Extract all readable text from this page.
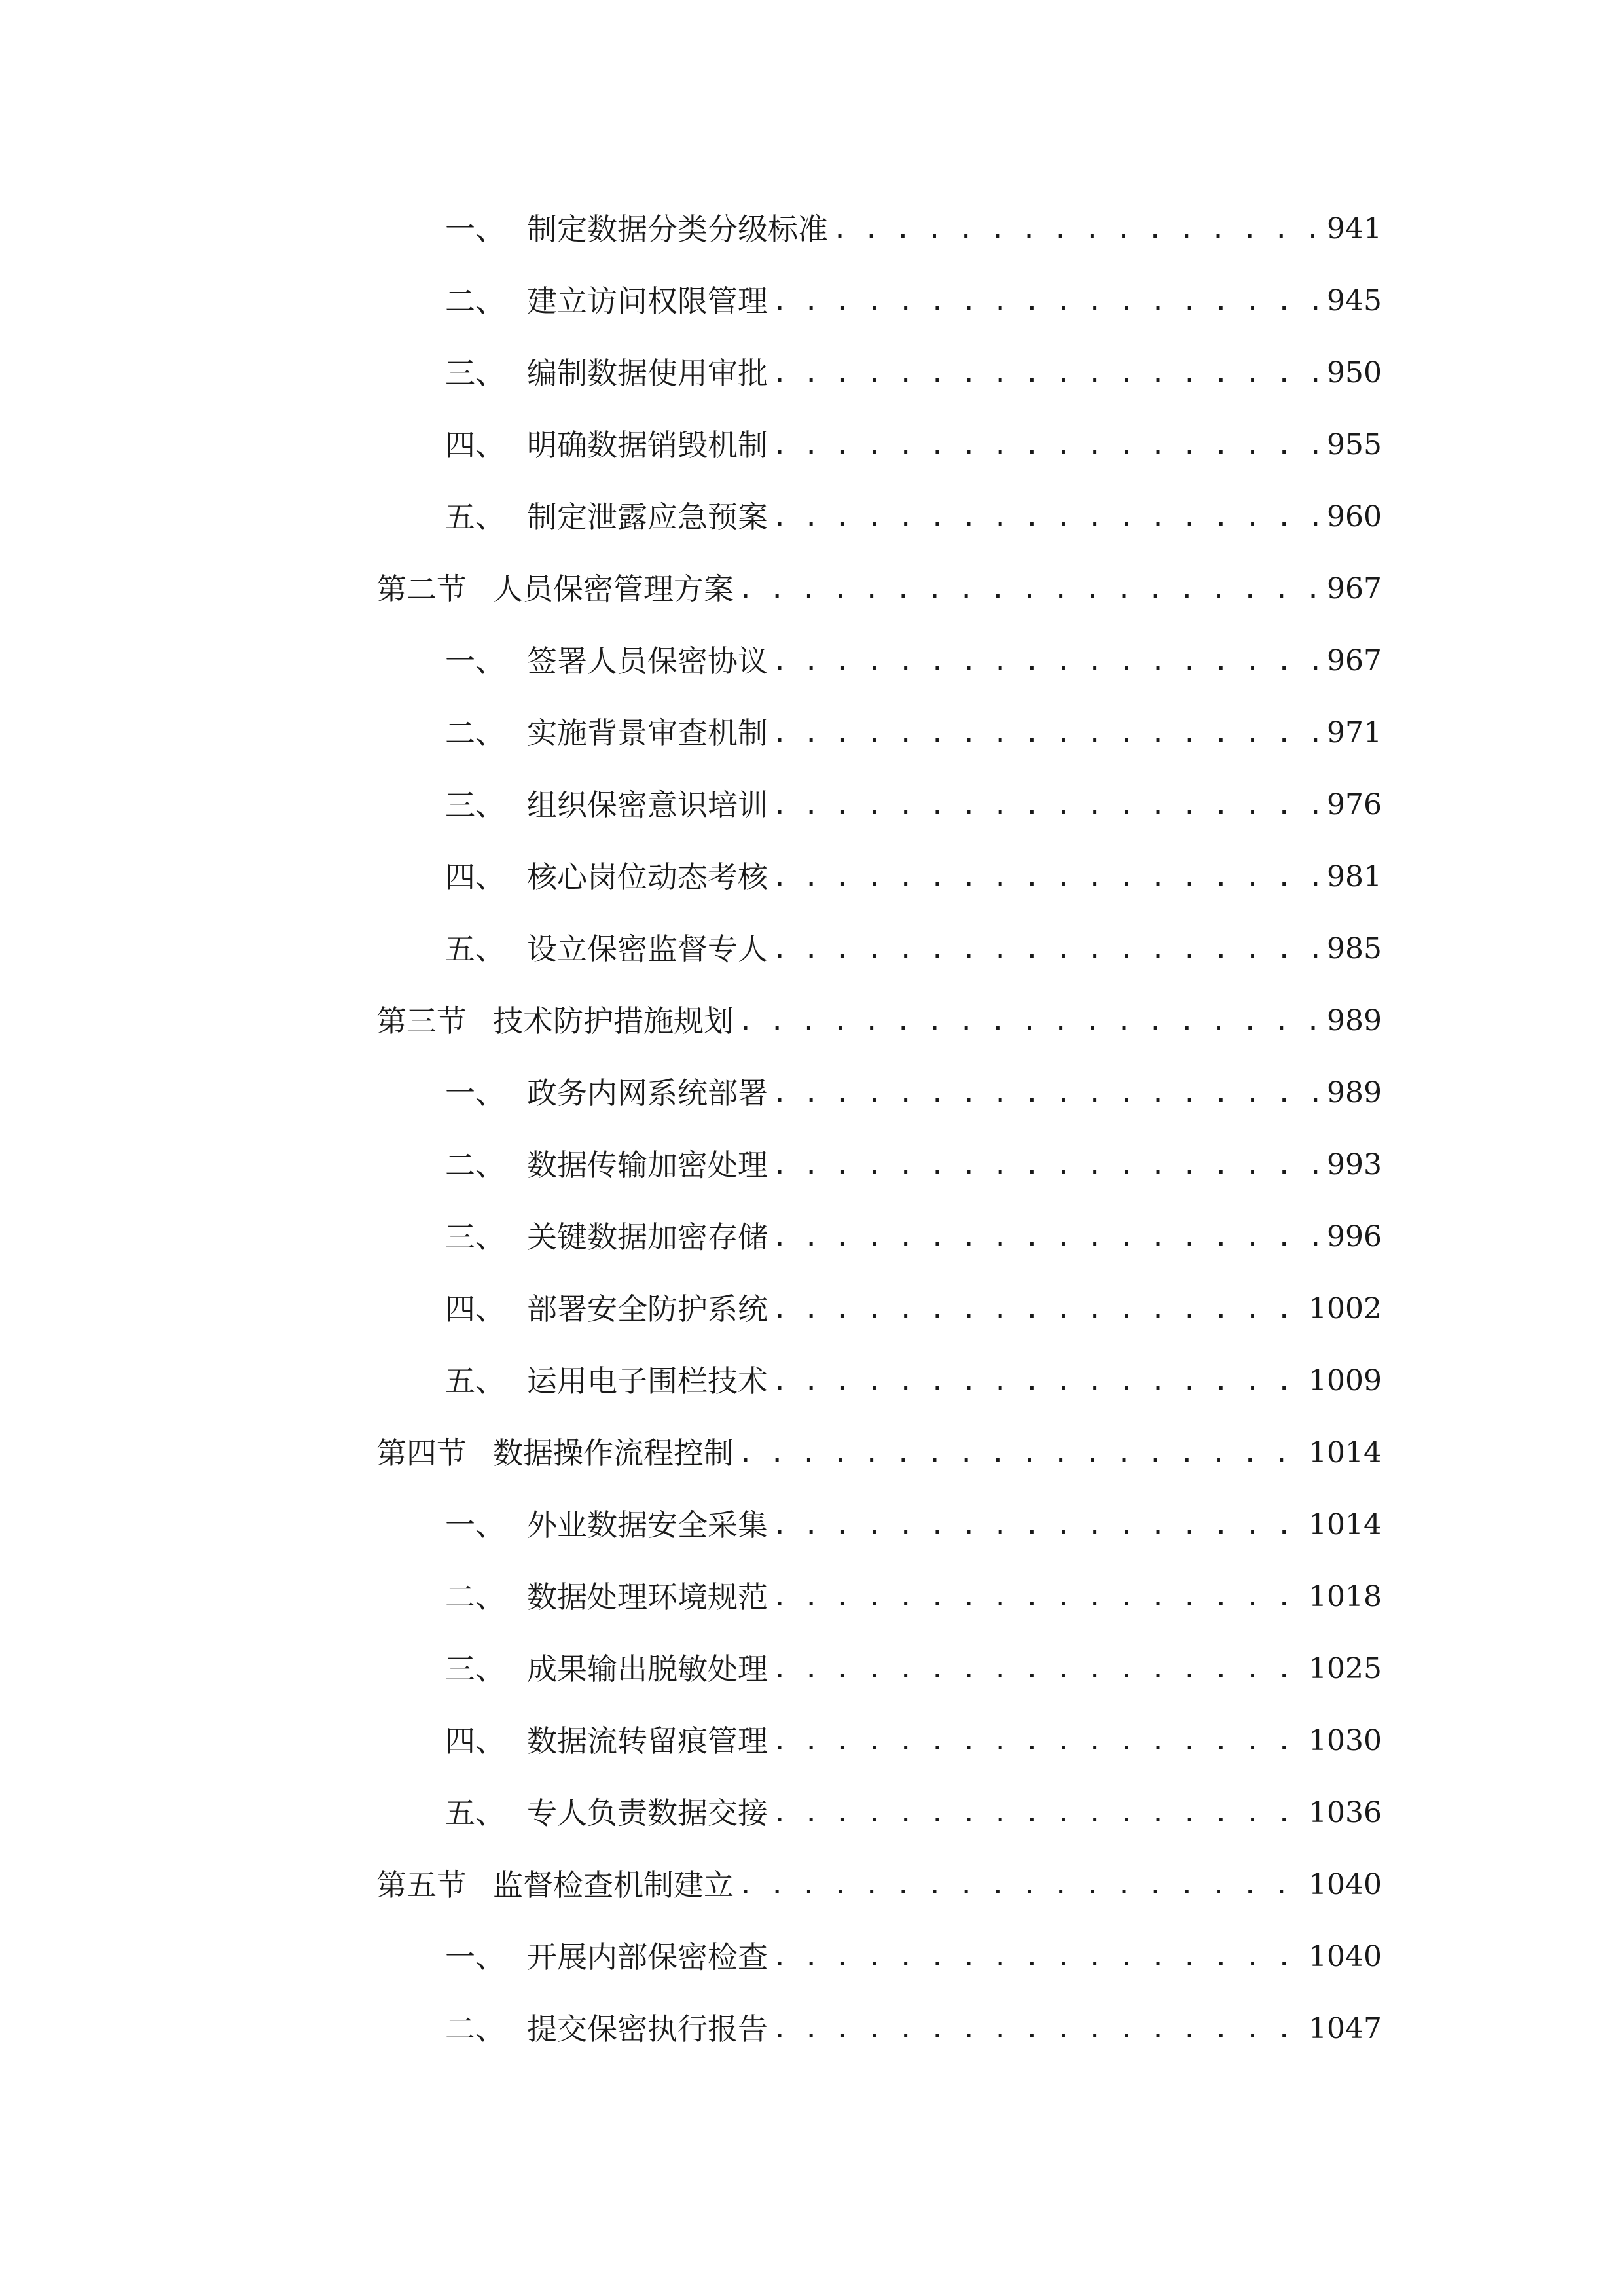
一、 制定数据分类分级标准 . . .	941
二、 建立访问权限管理 . . .	945
三、 编制数据使用审批 . . .	950
四、 明确数据销毁机制 . . .	955
五、 制定泄露应急预案 . . .	960
第二节 人员保密管理方案 . . .	967
一、 签署人员保密协议 . . .	967
二、 实施背景审查机制 . . .	971
三、 组织保密意识培训 . . .	976
四、 核心岗位动态考核 . . .	981
五、 设立保密监督专人 . . .	985
第三节 技术防护措施规划 . . .	989
一、 政务内网系统部署 . . .	989
二、 数据传输加密处理 . . .	993
三、 关键数据加密存储 . . .	996
四、 部署安全防护系统 . . .	1002
五、 运用电子围栏技术 . . .	1009
第四节 数据操作流程控制 . . .	1014
一、 外业数据安全采集 . . .	1014
二、 数据处理环境规范 . . .	1018
三、 成果输出脱敏处理 . . .	1025
四、 数据流转留痕管理 . . .	1030
五、 专人负责数据交接 . . .	1036
第五节 监督检查机制建立 . . .	1040
一、 开展内部保密检查 . . .	1040
二、 提交保密执行报告 . . .	1047
